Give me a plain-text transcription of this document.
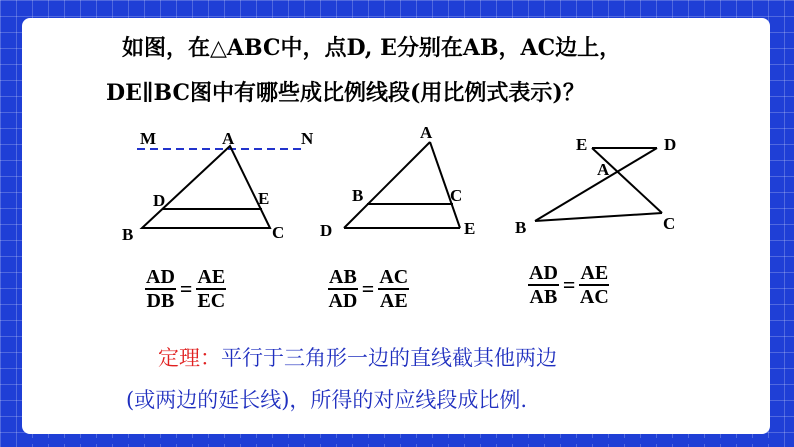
如图，在△ABC中，点D, E分别在AB，AC边上，
DE∥BC图中有哪些成比例线段(用比例式表示)？
M	N
A
D	E
B	C
A
B	C
D	E
E	D
A
B	C
$\frac{AD}{DB} = \frac{AE}{EC}$	$\frac{AB}{AD} = \frac{AC}{AE}$	$\frac{AD}{AB} = \frac{AE}{AC}$
定理：平行于三角形一边的直线截其他两边
(或两边的延长线)，所得的对应线段成比例.
